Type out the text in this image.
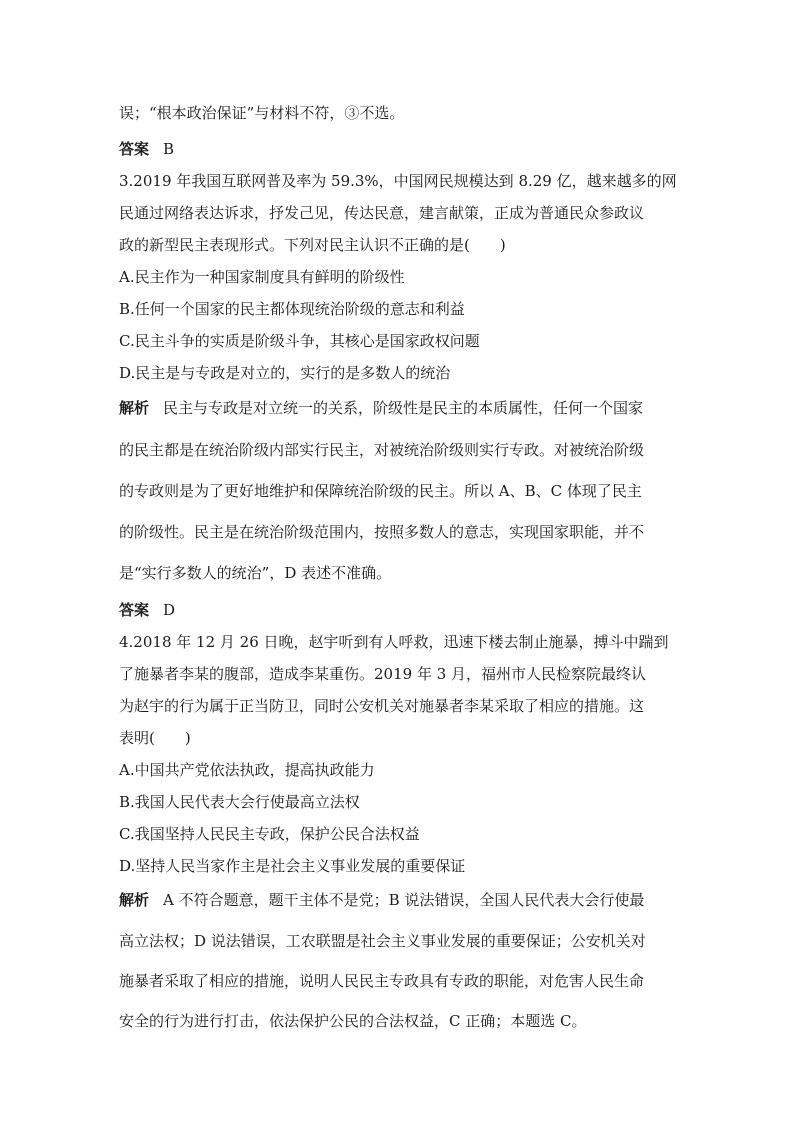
误；“根本政治保证”与材料不符，③不选。
答案 B
3.2019 年我国互联网普及率为 59.3%，中国网民规模达到 8.29 亿，越来越多的网
民通过网络表达诉求，抒发己见，传达民意，建言献策，正成为普通民众参政议
政的新型民主表现形式。下列对民主认识不正确的是(　　)
A.民主作为一种国家制度具有鲜明的阶级性
B.任何一个国家的民主都体现统治阶级的意志和利益
C.民主斗争的实质是阶级斗争，其核心是国家政权问题
D.民主是与专政是对立的，实行的是多数人的统治
解析 民主与专政是对立统一的关系，阶级性是民主的本质属性，任何一个国家
的民主都是在统治阶级内部实行民主，对被统治阶级则实行专政。对被统治阶级
的专政则是为了更好地维护和保障统治阶级的民主。所以 A、B、C 体现了民主
的阶级性。民主是在统治阶级范围内，按照多数人的意志，实现国家职能，并不
是“实行多数人的统治”，D 表述不准确。
答案 D
4.2018 年 12 月 26 日晚，赵宇听到有人呼救，迅速下楼去制止施暴，搏斗中踹到
了施暴者李某的腹部，造成李某重伤。2019 年 3 月，福州市人民检察院最终认
为赵宇的行为属于正当防卫，同时公安机关对施暴者李某采取了相应的措施。这
表明(　　)
A.中国共产党依法执政，提高执政能力
B.我国人民代表大会行使最高立法权
C.我国坚持人民民主专政，保护公民合法权益
D.坚持人民当家作主是社会主义事业发展的重要保证
解析 A 不符合题意，题干主体不是党；B 说法错误，全国人民代表大会行使最
高立法权；D 说法错误，工农联盟是社会主义事业发展的重要保证；公安机关对
施暴者采取了相应的措施，说明人民民主专政具有专政的职能，对危害人民生命
安全的行为进行打击，依法保护公民的合法权益，C 正确；本题选 C。
